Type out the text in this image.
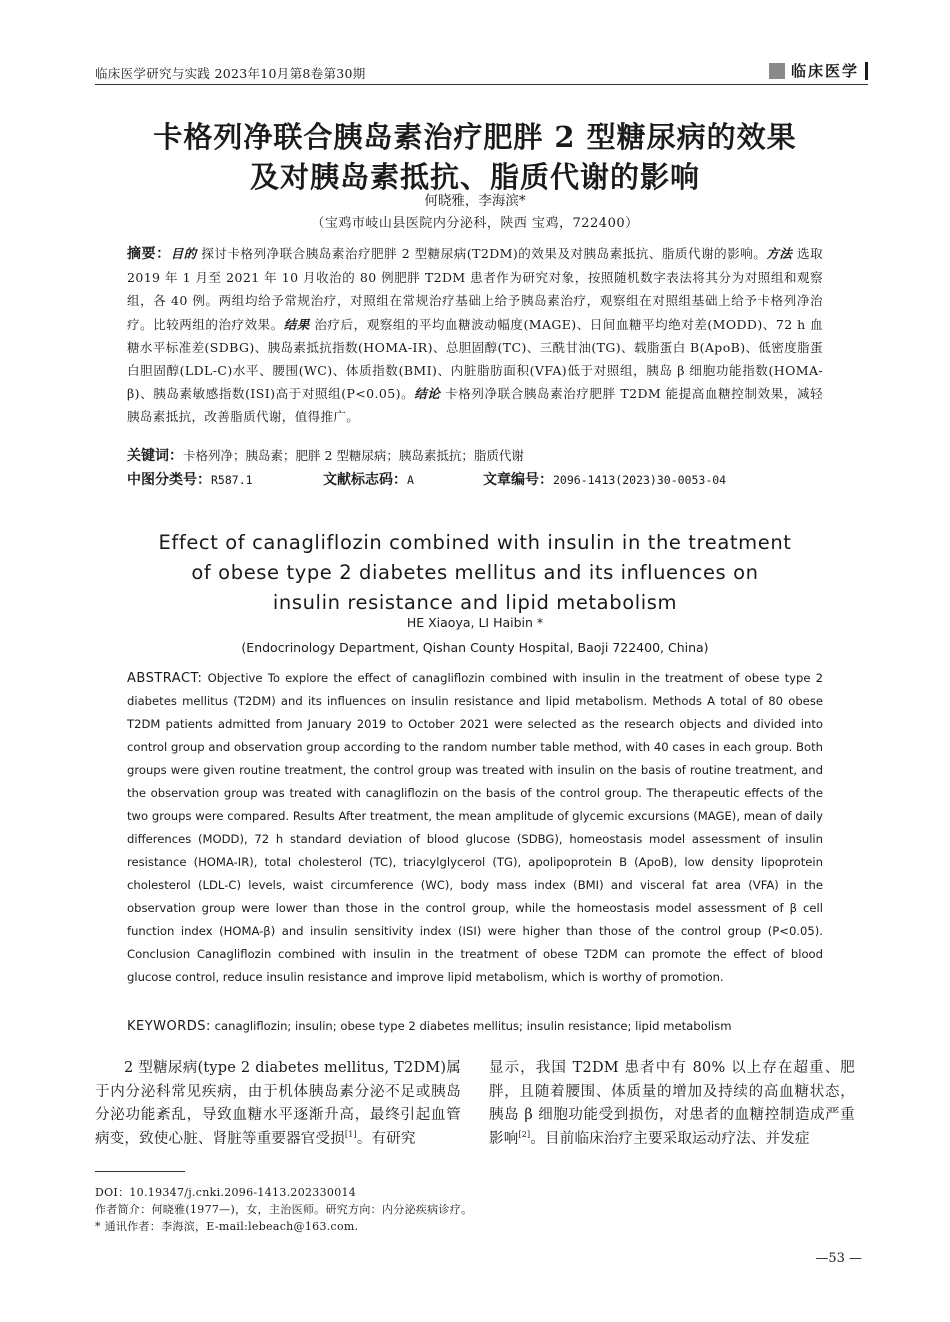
临床医学研究与实践 2023年10月第8卷第30期	临床医学
卡格列净联合胰岛素治疗肥胖 2 型糖尿病的效果
及对胰岛素抵抗、脂质代谢的影响
何晓雅，李海滨*
（宝鸡市岐山县医院内分泌科，陕西 宝鸡，722400）
摘要：目的 探讨卡格列净联合胰岛素治疗肥胖 2 型糖尿病(T2DM)的效果及对胰岛素抵抗、脂质代谢的影响。方法 选取 2019 年 1 月至 2021 年 10 月收治的 80 例肥胖 T2DM 患者作为研究对象，按照随机数字表法将其分为对照组和观察组，各 40 例。两组均给予常规治疗，对照组在常规治疗基础上给予胰岛素治疗，观察组在对照组基础上给予卡格列净治疗。比较两组的治疗效果。结果 治疗后，观察组的平均血糖波动幅度(MAGE)、日间血糖平均绝对差(MODD)、72 h 血糖水平标准差(SDBG)、胰岛素抵抗指数(HOMA-IR)、总胆固醇(TC)、三酰甘油(TG)、载脂蛋白 B(ApoB)、低密度脂蛋白胆固醇(LDL-C)水平、腰围(WC)、体质指数(BMI)、内脏脂肪面积(VFA)低于对照组，胰岛 β 细胞功能指数(HOMA-β)、胰岛素敏感指数(ISI)高于对照组(P<0.05)。结论 卡格列净联合胰岛素治疗肥胖 T2DM 能提高血糖控制效果，减轻胰岛素抵抗，改善脂质代谢，值得推广。
关键词：卡格列净；胰岛素；肥胖 2 型糖尿病；胰岛素抵抗；脂质代谢
中图分类号：R587.1	文献标志码：A	文章编号：2096-1413(2023)30-0053-04
Effect of canagliflozin combined with insulin in the treatment
of obese type 2 diabetes mellitus and its influences on
insulin resistance and lipid metabolism
HE Xiaoya, LI Haibin *
(Endocrinology Department, Qishan County Hospital, Baoji 722400, China)
ABSTRACT: Objective To explore the effect of canagliflozin combined with insulin in the treatment of obese type 2 diabetes mellitus (T2DM) and its influences on insulin resistance and lipid metabolism. Methods A total of 80 obese T2DM patients admitted from January 2019 to October 2021 were selected as the research objects and divided into control group and observation group according to the random number table method, with 40 cases in each group. Both groups were given routine treatment, the control group was treated with insulin on the basis of routine treatment, and the observation group was treated with canagliflozin on the basis of the control group. The therapeutic effects of the two groups were compared. Results After treatment, the mean amplitude of glycemic excursions (MAGE), mean of daily differences (MODD), 72 h standard deviation of blood glucose (SDBG), homeostasis model assessment of insulin resistance (HOMA-IR), total cholesterol (TC), triacylglycerol (TG), apolipoprotein B (ApoB), low density lipoprotein cholesterol (LDL-C) levels, waist circumference (WC), body mass index (BMI) and visceral fat area (VFA) in the observation group were lower than those in the control group, while the homeostasis model assessment of β cell function index (HOMA-β) and insulin sensitivity index (ISI) were higher than those of the control group (P<0.05). Conclusion Canagliflozin combined with insulin in the treatment of obese T2DM can promote the effect of blood glucose control, reduce insulin resistance and improve lipid metabolism, which is worthy of promotion.
KEYWORDS: canagliflozin; insulin; obese type 2 diabetes mellitus; insulin resistance; lipid metabolism
2 型糖尿病(type 2 diabetes mellitus, T2DM)属于内分泌科常见疾病，由于机体胰岛素分泌不足或胰岛分泌功能紊乱，导致血糖水平逐渐升高，最终引起血管病变，致使心脏、肾脏等重要器官受损[1]。有研究
显示，我国 T2DM 患者中有 80% 以上存在超重、肥胖，且随着腰围、体质量的增加及持续的高血糖状态，胰岛 β 细胞功能受到损伤，对患者的血糖控制造成严重影响[2]。目前临床治疗主要采取运动疗法、并发症
DOI：10.19347/j.cnki.2096-1413.202330014
作者简介：何晓雅(1977—)，女，主治医师。研究方向：内分泌疾病诊疗。
* 通讯作者：李海滨，E-mail:lebeach@163.com.
—53 —
